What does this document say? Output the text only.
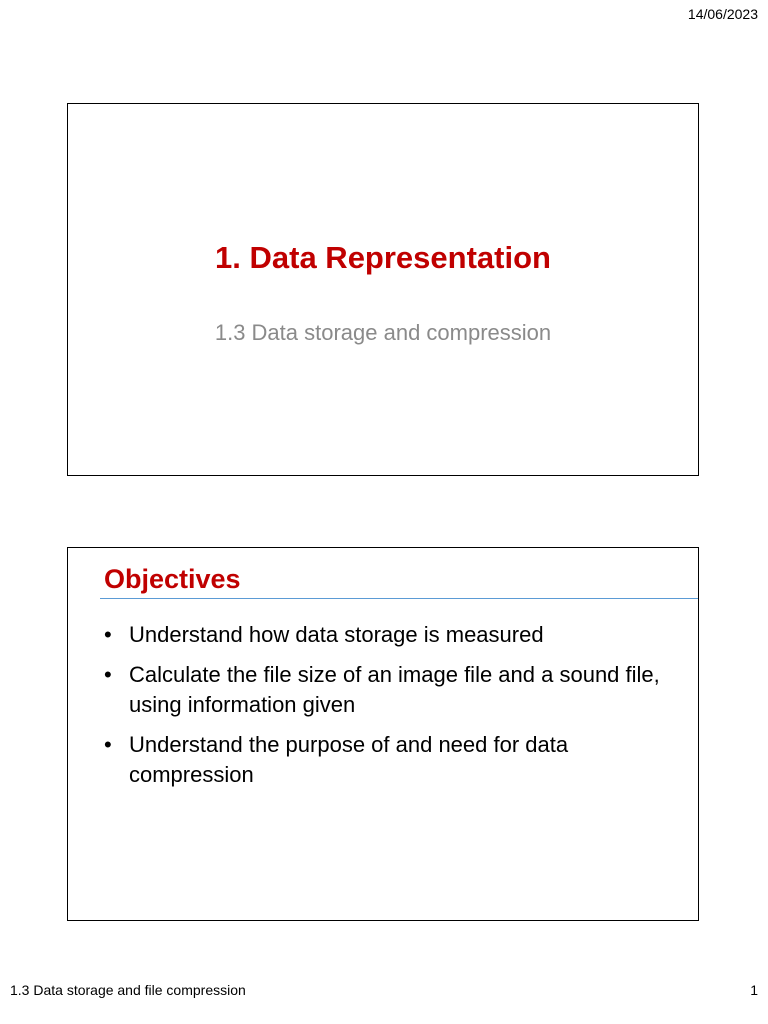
14/06/2023
1. Data Representation
1.3 Data storage and compression
Objectives
• Understand how data storage is measured
• Calculate the file size of an image file and a sound file, using information given
• Understand the purpose of and need for data compression
1.3 Data storage and file compression	1
